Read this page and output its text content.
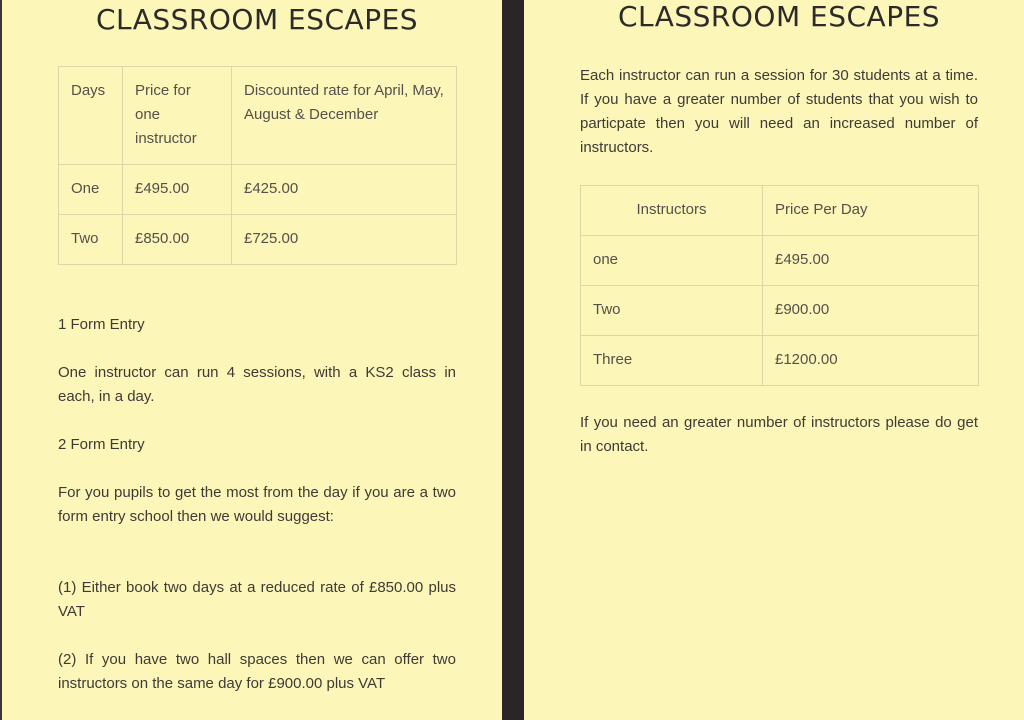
CLASSROOM ESCAPES
Days	Price for one instructor	Discounted rate for April, May, August & December
One	£495.00	£425.00
Two	£850.00	£725.00

1 Form Entry

One instructor can run 4 sessions, with a KS2 class in each, in a day.

2 Form Entry

For you pupils to get the most from the day if you are a two form entry school then we would suggest:

(1) Either book two days at a reduced rate of £850.00 plus VAT

(2) If you have two hall spaces then we can offer two instructors on the same day for £900.00 plus VAT

CLASSROOM ESCAPES

Each instructor can run a session for 30 students at a time. If you have a greater number of students that you wish to particpate then you will need an increased number of instructors.

Instructors	Price Per Day
one	£495.00
Two	£900.00
Three	£1200.00

If you need an greater number of instructors please do get in contact.
